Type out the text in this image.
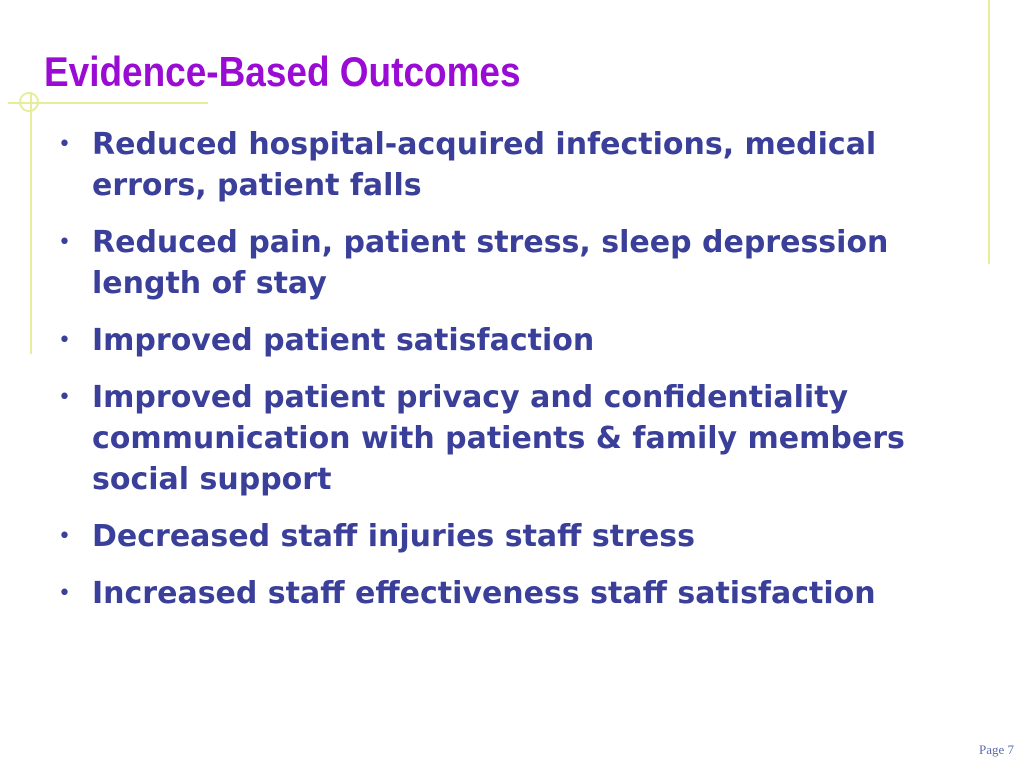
Evidence-Based Outcomes
• Reduced hospital-acquired infections, medical errors, patient falls
• Reduced pain, patient stress, sleep depression length of stay
• Improved patient satisfaction
• Improved patient privacy and confidentiality communication with patients & family members social support
• Decreased staff injuries staff stress
• Increased staff effectiveness staff satisfaction
Page 7
